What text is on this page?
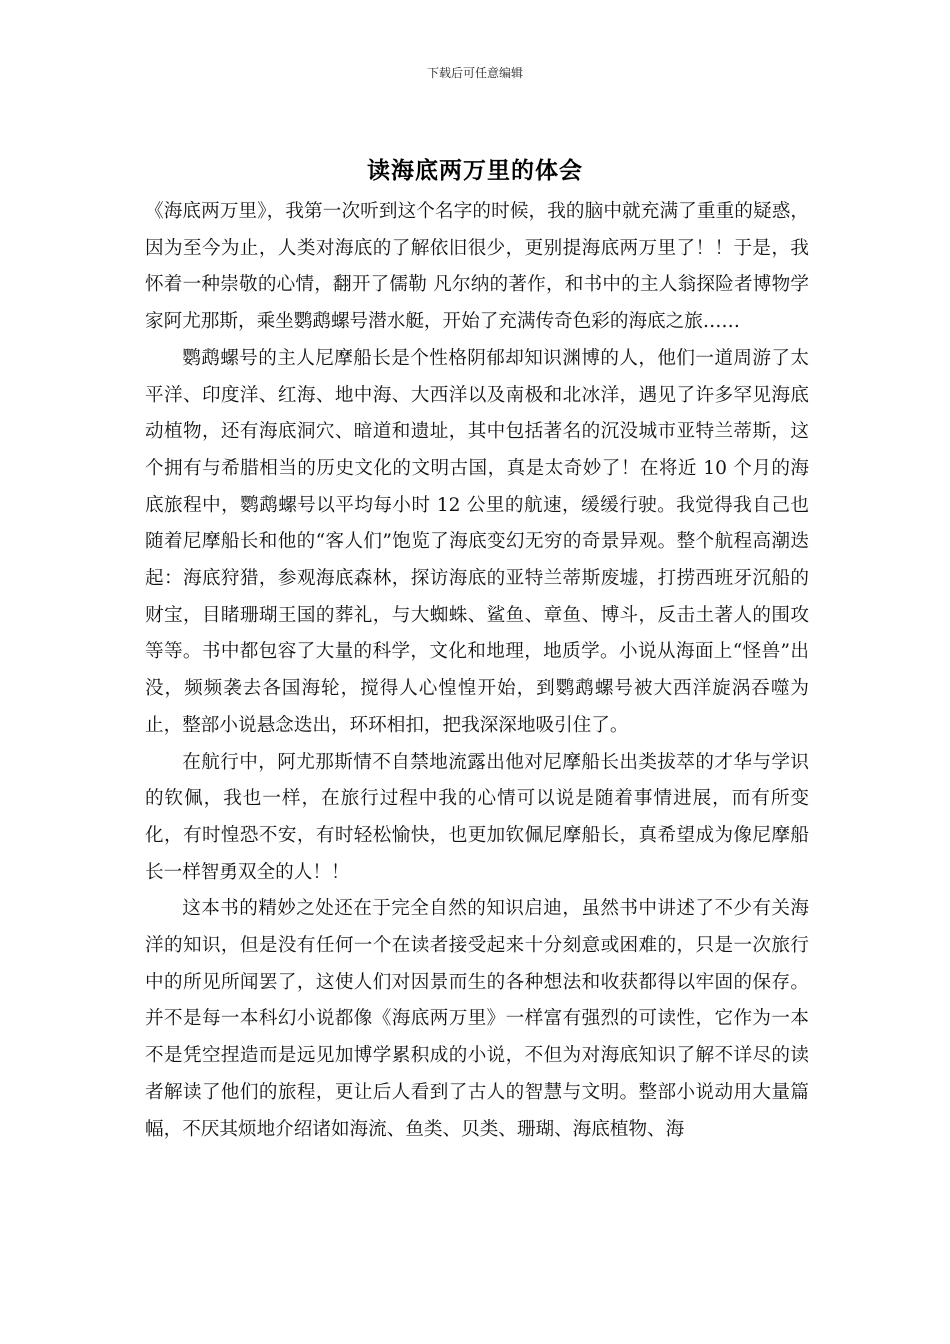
下载后可任意编辑
读海底两万里的体会

《海底两万里》，我第一次听到这个名字的时候，我的脑中就充满了重重的疑惑，因为至今为止，人类对海底的了解依旧很少，更别提海底两万里了！！于是，我怀着一种崇敬的心情，翻开了儒勒 凡尔纳的著作，和书中的主人翁探险者博物学家阿尤那斯，乘坐鹦鹉螺号潜水艇，开始了充满传奇色彩的海底之旅……

鹦鹉螺号的主人尼摩船长是个性格阴郁却知识渊博的人，他们一道周游了太平洋、印度洋、红海、地中海、大西洋以及南极和北冰洋，遇见了许多罕见海底动植物，还有海底洞穴、暗道和遗址，其中包括著名的沉没城市亚特兰蒂斯，这个拥有与希腊相当的历史文化的文明古国，真是太奇妙了！在将近 10 个月的海底旅程中，鹦鹉螺号以平均每小时 12 公里的航速，缓缓行驶。我觉得我自己也随着尼摩船长和他的“客人们”饱览了海底变幻无穷的奇景异观。整个航程高潮迭起：海底狩猎，参观海底森林，探访海底的亚特兰蒂斯废墟，打捞西班牙沉船的财宝，目睹珊瑚王国的葬礼，与大蜘蛛、鲨鱼、章鱼、博斗，反击土著人的围攻等等。书中都包容了大量的科学，文化和地理，地质学。小说从海面上“怪兽”出没，频频袭去各国海轮，搅得人心惶惶开始，到鹦鹉螺号被大西洋旋涡吞噬为止，整部小说悬念迭出，环环相扣，把我深深地吸引住了。

在航行中，阿尤那斯情不自禁地流露出他对尼摩船长出类拔萃的才华与学识的钦佩，我也一样，在旅行过程中我的心情可以说是随着事情进展，而有所变化，有时惶恐不安，有时轻松愉快，也更加钦佩尼摩船长，真希望成为像尼摩船长一样智勇双全的人！！

这本书的精妙之处还在于完全自然的知识启迪，虽然书中讲述了不少有关海洋的知识，但是没有任何一个在读者接受起来十分刻意或困难的，只是一次旅行中的所见所闻罢了，这使人们对因景而生的各种想法和收获都得以牢固的保存。并不是每一本科幻小说都像《海底两万里》一样富有强烈的可读性，它作为一本不是凭空捏造而是远见加博学累积成的小说，不但为对海底知识了解不详尽的读者解读了他们的旅程，更让后人看到了古人的智慧与文明。整部小说动用大量篇幅，不厌其烦地介绍诸如海流、鱼类、贝类、珊瑚、海底植物、海
